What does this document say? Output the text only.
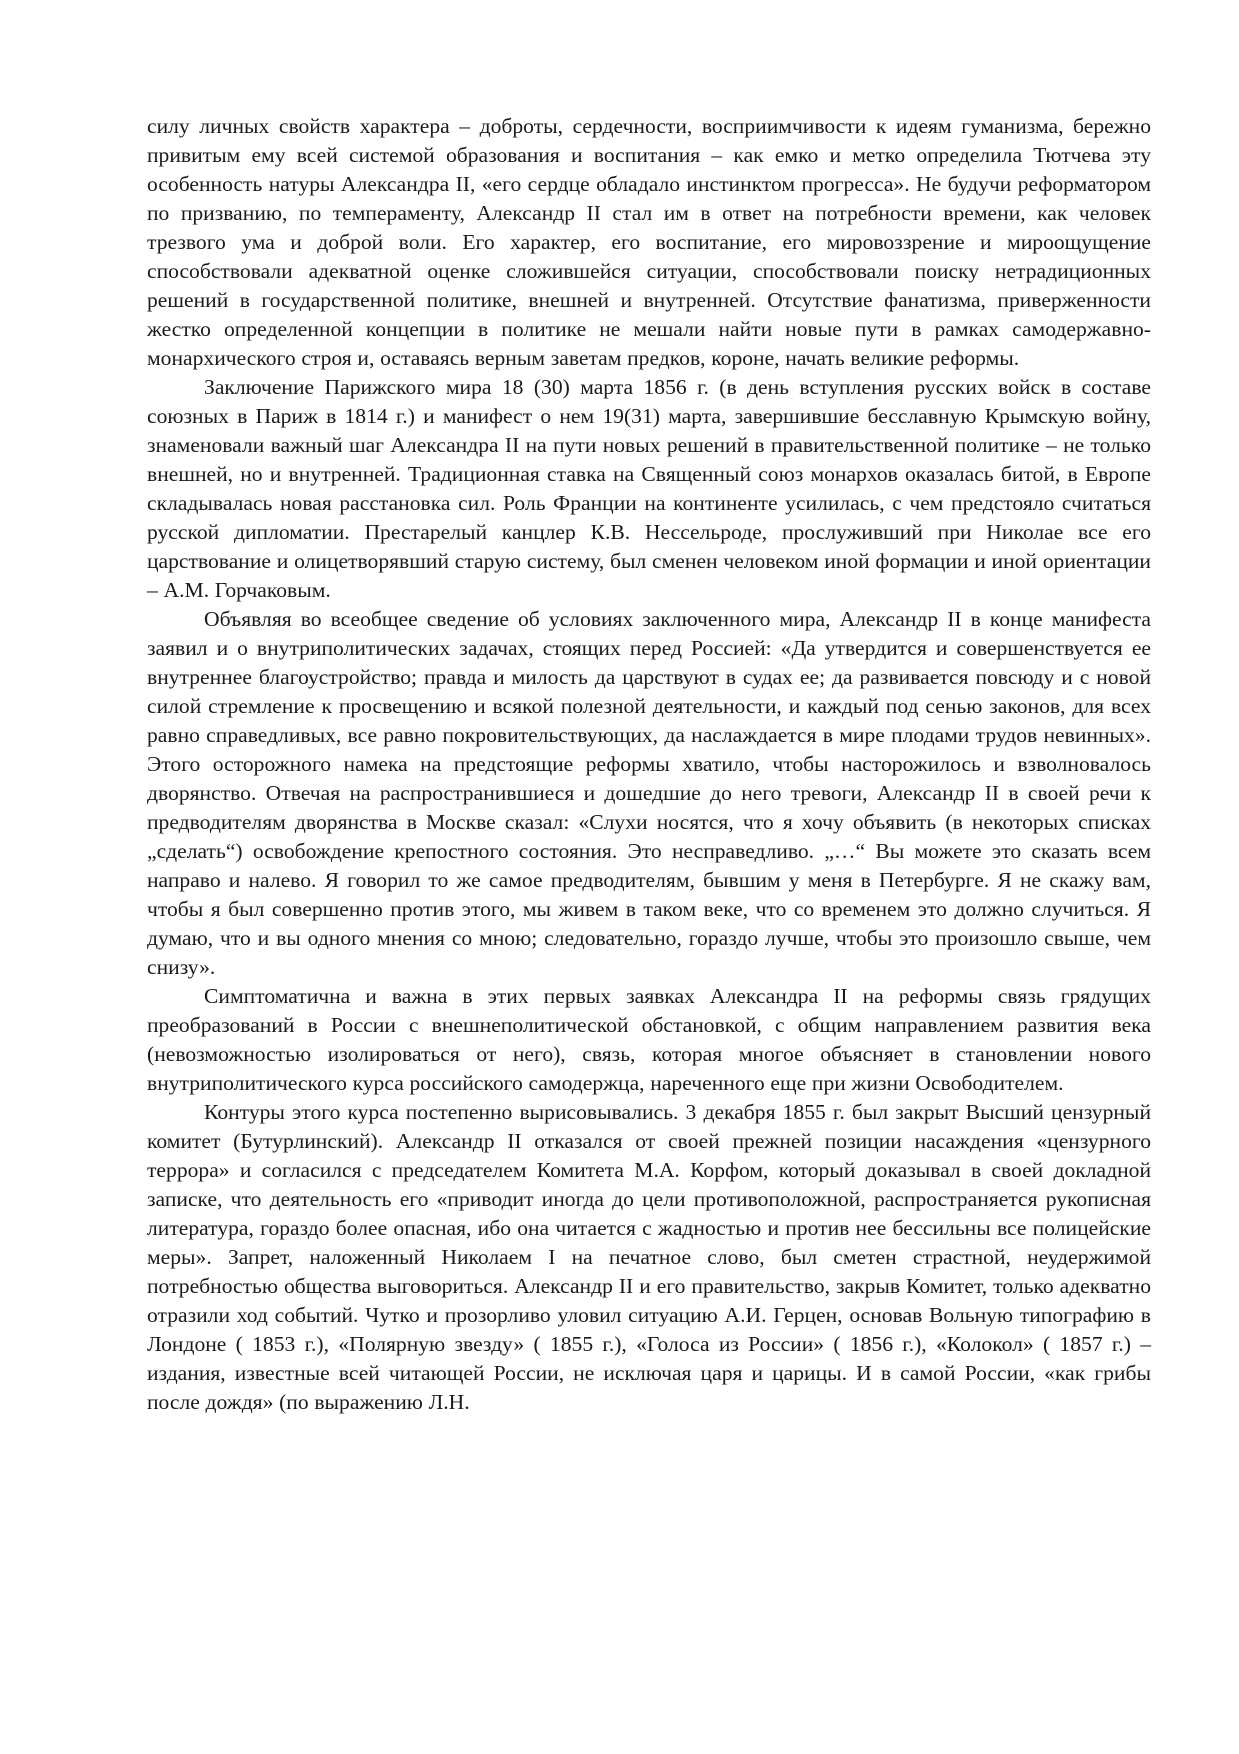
силу личных свойств характера – доброты, сердечности, восприимчивости к идеям гуманизма, бережно привитым ему всей системой образования и воспитания – как емко и метко определила Тютчева эту особенность натуры Александра II, «его сердце обладало инстинктом прогресса». Не будучи реформатором по призванию, по темпераменту, Александр II стал им в ответ на потребности времени, как человек трезвого ума и доброй воли. Его характер, его воспитание, его мировоззрение и мироощущение способствовали адекватной оценке сложившейся ситуации, способствовали поиску нетрадиционных решений в государственной политике, внешней и внутренней. Отсутствие фанатизма, приверженности жестко определенной концепции в политике не мешали найти новые пути в рамках самодержавно-монархического строя и, оставаясь верным заветам предков, короне, начать великие реформы.

Заключение Парижского мира 18 (30) марта 1856 г. (в день вступления русских войск в составе союзных в Париж в 1814 г.) и манифест о нем 19(31) марта, завершившие бесславную Крымскую войну, знаменовали важный шаг Александра II на пути новых решений в правительственной политике – не только внешней, но и внутренней. Традиционная ставка на Священный союз монархов оказалась битой, в Европе складывалась новая расстановка сил. Роль Франции на континенте усилилась, с чем предстояло считаться русской дипломатии. Престарелый канцлер К.В. Нессельроде, прослуживший при Николае все его царствование и олицетворявший старую систему, был сменен человеком иной формации и иной ориентации – А.М. Горчаковым.

Объявляя во всеобщее сведение об условиях заключенного мира, Александр II в конце манифеста заявил и о внутриполитических задачах, стоящих перед Россией: «Да утвердится и совершенствуется ее внутреннее благоустройство; правда и милость да царствуют в судах ее; да развивается повсюду и с новой силой стремление к просвещению и всякой полезной деятельности, и каждый под сенью законов, для всех равно справедливых, все равно покровительствующих, да наслаждается в мире плодами трудов невинных». Этого осторожного намека на предстоящие реформы хватило, чтобы насторожилось и взволновалось дворянство. Отвечая на распространившиеся и дошедшие до него тревоги, Александр II в своей речи к предводителям дворянства в Москве сказал: «Слухи носятся, что я хочу объявить (в некоторых списках „сделать“) освобождение крепостного состояния. Это несправедливо. „…“ Вы можете это сказать всем направо и налево. Я говорил то же самое предводителям, бывшим у меня в Петербурге. Я не скажу вам, чтобы я был совершенно против этого, мы живем в таком веке, что со временем это должно случиться. Я думаю, что и вы одного мнения со мною; следовательно, гораздо лучше, чтобы это произошло свыше, чем снизу».

Симптоматична и важна в этих первых заявках Александра II на реформы связь грядущих преобразований в России с внешнеполитической обстановкой, с общим направлением развития века (невозможностью изолироваться от него), связь, которая многое объясняет в становлении нового внутриполитического курса российского самодержца, нареченного еще при жизни Освободителем.

Контуры этого курса постепенно вырисовывались. 3 декабря 1855 г. был закрыт Высший цензурный комитет (Бутурлинский). Александр II отказался от своей прежней позиции насаждения «цензурного террора» и согласился с председателем Комитета М.А. Корфом, который доказывал в своей докладной записке, что деятельность его «приводит иногда до цели противоположной, распространяется рукописная литература, гораздо более опасная, ибо она читается с жадностью и против нее бессильны все полицейские меры». Запрет, наложенный Николаем I на печатное слово, был сметен страстной, неудержимой потребностью общества выговориться. Александр II и его правительство, закрыв Комитет, только адекватно отразили ход событий. Чутко и прозорливо уловил ситуацию А.И. Герцен, основав Вольную типографию в Лондоне ( 1853 г.), «Полярную звезду» ( 1855 г.), «Голоса из России» ( 1856 г.), «Колокол» ( 1857 г.) – издания, известные всей читающей России, не исключая царя и царицы. И в самой России, «как грибы после дождя» (по выражению Л.Н.
